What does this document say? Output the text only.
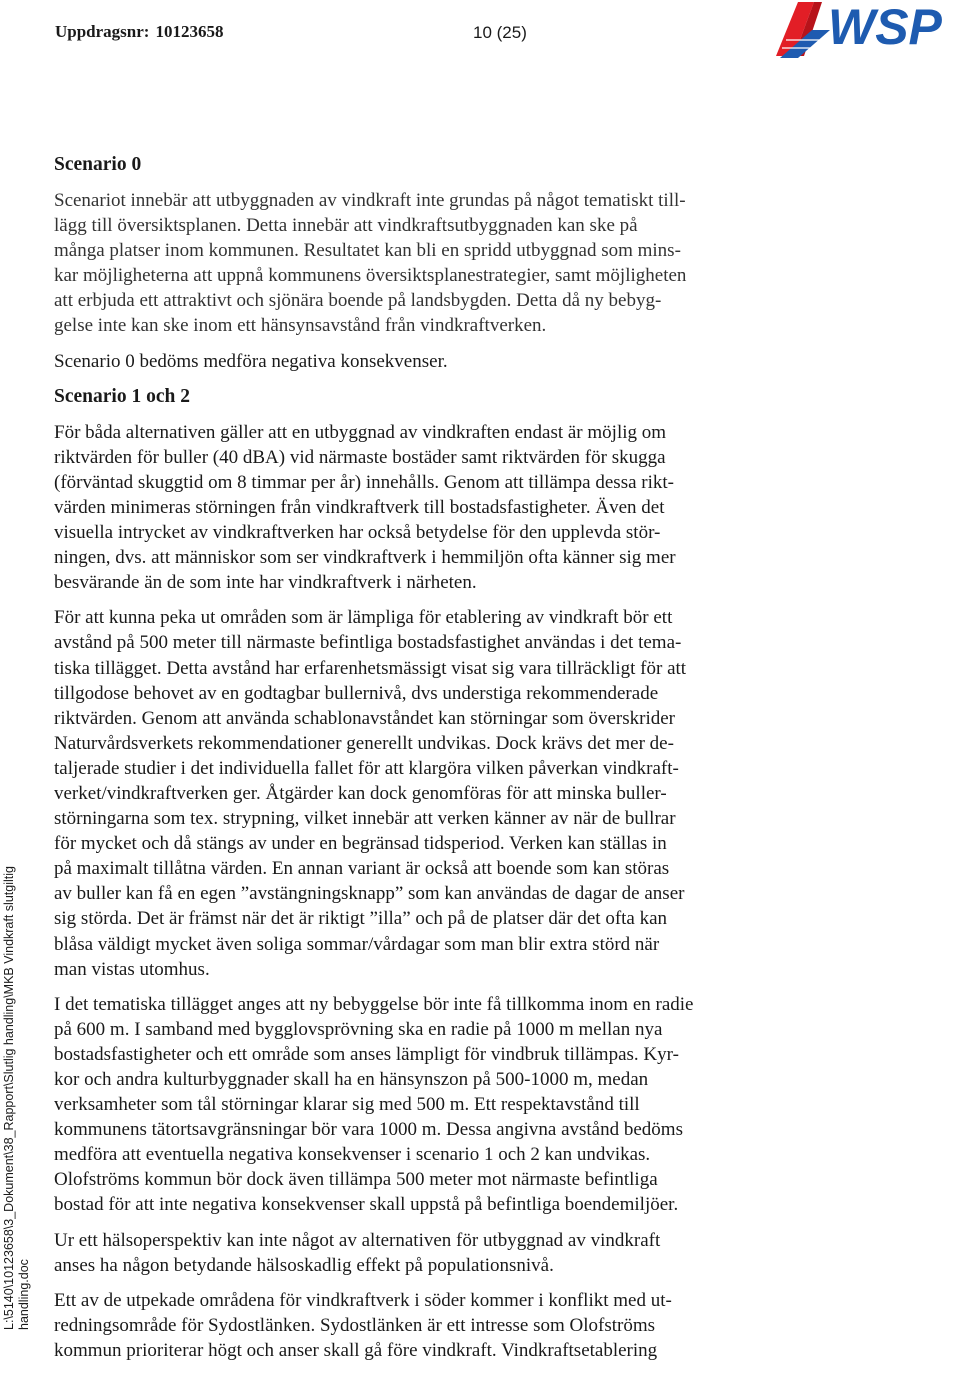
Uppdragsnr: 10123658	10 (25)	WSP
L:\5140\10123658\3_Dokument\38_Rapport\Slutlig handling\MKB Vindkraft slutgiltig handling.doc
Scenario 0

Scenariot innebär att utbyggnaden av vindkraft inte grundas på något tematiskt till-
lägg till översiktsplanen. Detta innebär att vindkraftsutbyggnaden kan ske på
många platser inom kommunen. Resultatet kan bli en spridd utbyggnad som mins-
kar möjligheterna att uppnå kommunens översiktsplanestrategier, samt möjligheten
att erbjuda ett attraktivt och sjönära boende på landsbygden. Detta då ny bebyg-
gelse inte kan ske inom ett hänsynsavstånd från vindkraftverken.

Scenario 0 bedöms medföra negativa konsekvenser.

Scenario 1 och 2

För båda alternativen gäller att en utbyggnad av vindkraften endast är möjlig om
riktvärden för buller (40 dBA) vid närmaste bostäder samt riktvärden för skugga
(förväntad skuggtid om 8 timmar per år) innehålls. Genom att tillämpa dessa rikt-
värden minimeras störningen från vindkraftverk till bostadsfastigheter. Även det
visuella intrycket av vindkraftverken har också betydelse för den upplevda stör-
ningen, dvs. att människor som ser vindkraftverk i hemmiljön ofta känner sig mer
besvärande än de som inte har vindkraftverk i närheten.

För att kunna peka ut områden som är lämpliga för etablering av vindkraft bör ett
avstånd på 500 meter till närmaste befintliga bostadsfastighet användas i det tema-
tiska tillägget. Detta avstånd har erfarenhetsmässigt visat sig vara tillräckligt för att
tillgodose behovet av en godtagbar bullernivå, dvs understiga rekommenderade
riktvärden. Genom att använda schablonavståndet kan störningar som överskrider
Naturvårdsverkets rekommendationer generellt undvikas. Dock krävs det mer de-
taljerade studier i det individuella fallet för att klargöra vilken påverkan vindkraft-
verket/vindkraftverken ger. Åtgärder kan dock genomföras för att minska buller-
störningarna som tex. strypning, vilket innebär att verken känner av när de bullrar
för mycket och då stängs av under en begränsad tidsperiod. Verken kan ställas in
på maximalt tillåtna värden. En annan variant är också att boende som kan störas
av buller kan få en egen ”avstängningsknapp” som kan användas de dagar de anser
sig störda. Det är främst när det är riktigt ”illa” och på de platser där det ofta kan
blåsa väldigt mycket även soliga sommar/vårdagar som man blir extra störd när
man vistas utomhus.

I det tematiska tillägget anges att ny bebyggelse bör inte få tillkomma inom en radie
på 600 m. I samband med bygglovsprövning ska en radie på 1000 m mellan nya
bostadsfastigheter och ett område som anses lämpligt för vindbruk tillämpas. Kyr-
kor och andra kulturbyggnader skall ha en hänsynszon på 500-1000 m, medan
verksamheter som tål störningar klarar sig med 500 m. Ett respektavstånd till
kommunens tätortsavgränsningar bör vara 1000 m. Dessa angivna avstånd bedöms
medföra att eventuella negativa konsekvenser i scenario 1 och 2 kan undvikas.
Olofströms kommun bör dock även tillämpa 500 meter mot närmaste befintliga
bostad för att inte negativa konsekvenser skall uppstå på befintliga boendemiljöer.

Ur ett hälsoperspektiv kan inte något av alternativen för utbyggnad av vindkraft
anses ha någon betydande hälsoskadlig effekt på populationsnivå.

Ett av de utpekade områdena för vindkraftverk i söder kommer i konflikt med ut-
redningsområde för Sydostlänken. Sydostlänken är ett intresse som Olofströms
kommun prioriterar högt och anser skall gå före vindkraft. Vindkraftsetablering
